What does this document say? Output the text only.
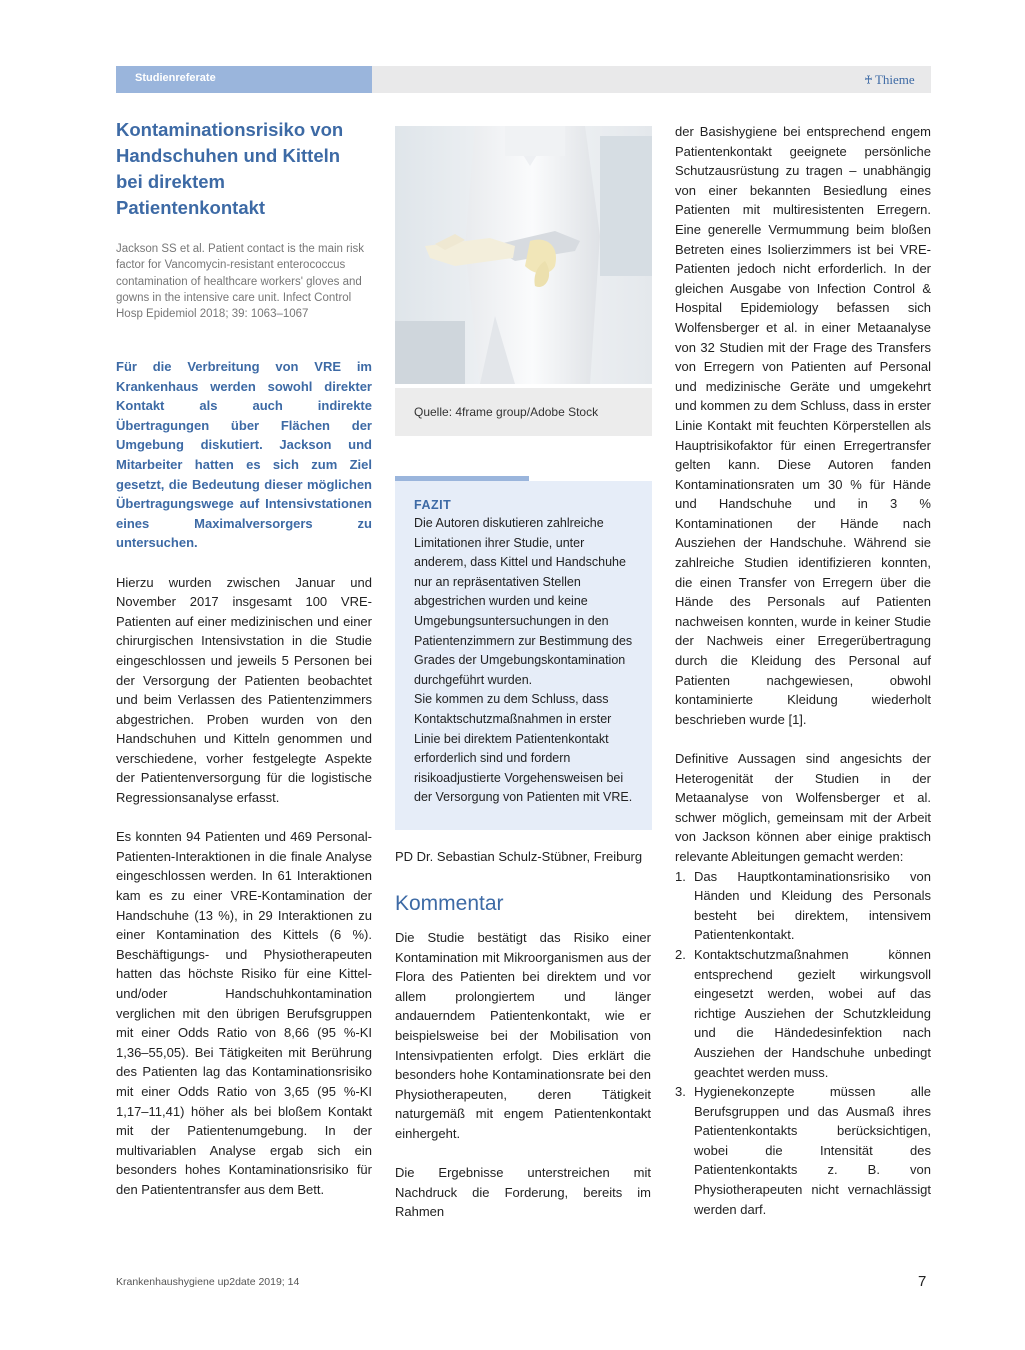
Studienreferate	♰ Thieme
Kontaminationsrisiko von Handschuhen und Kitteln bei direktem Patientenkontakt
Jackson SS et al. Patient contact is the main risk factor for Vancomycin-resistant enterococcus contamination of healthcare workers' gloves and gowns in the intensive care unit. Infect Control Hosp Epidemiol 2018; 39: 1063–1067

Für die Verbreitung von VRE im Krankenhaus werden sowohl direkter Kontakt als auch indirekte Übertragungen über Flächen der Umgebung diskutiert. Jackson und Mitarbeiter hatten es sich zum Ziel gesetzt, die Bedeutung dieser möglichen Übertragungswege auf Intensivstationen eines Maximalversorgers zu untersuchen.

Hierzu wurden zwischen Januar und November 2017 insgesamt 100 VRE-Patienten auf einer medizinischen und einer chirurgischen Intensivstation in die Studie eingeschlossen und jeweils 5 Personen bei der Versorgung der Patienten beobachtet und beim Verlassen des Patientenzimmers abgestrichen. Proben wurden von den Handschuhen und Kitteln genommen und verschiedene, vorher festgelegte Aspekte der Patientenversorgung für die logistische Regressionsanalyse erfasst.

Es konnten 94 Patienten und 469 Personal-Patienten-Interaktionen in die finale Analyse eingeschlossen werden. In 61 Interaktionen kam es zu einer VRE-Kontamination der Handschuhe (13 %), in 29 Interaktionen zu einer Kontamination des Kittels (6 %). Beschäftigungs- und Physiotherapeuten hatten das höchste Risiko für eine Kittel- und/oder Handschuhkontamination verglichen mit den übrigen Berufsgruppen mit einer Odds Ratio von 8,66 (95 %-KI 1,36–55,05). Bei Tätigkeiten mit Berührung des Patienten lag das Kontaminationsrisiko mit einer Odds Ratio von 3,65 (95 %-KI 1,17–11,41) höher als bei bloßem Kontakt mit der Patientenumgebung. In der multivariablen Analyse ergab sich ein besonders hohes Kontaminationsrisiko für den Patiententransfer aus dem Bett.

Quelle: 4frame group/Adobe Stock
FAZIT

Die Autoren diskutieren zahlreiche Limitationen ihrer Studie, unter anderem, dass Kittel und Handschuhe nur an repräsentativen Stellen abgestrichen wurden und keine Umgebungsuntersuchungen in den Patientenzimmern zur Bestimmung des Grades der Umgebungskontamination durchgeführt wurden.

Sie kommen zu dem Schluss, dass Kontaktschutzmaßnahmen in erster Linie bei direktem Patientenkontakt erforderlich sind und fordern risikoadjustierte Vorgehensweisen bei der Versorgung von Patienten mit VRE.

PD Dr. Sebastian Schulz-Stübner, Freiburg
Kommentar

Die Studie bestätigt das Risiko einer Kontamination mit Mikroorganismen aus der Flora des Patienten bei direktem und vor allem prolongiertem und länger andauerndem Patientenkontakt, wie er beispielsweise bei der Mobilisation von Intensivpatienten erfolgt. Dies erklärt die besonders hohe Kontaminationsrate bei den Physiotherapeuten, deren Tätigkeit naturgemäß mit engem Patientenkontakt einhergeht.

Die Ergebnisse unterstreichen mit Nachdruck die Forderung, bereits im Rahmen

der Basishygiene bei entsprechend engem Patientenkontakt geeignete persönliche Schutzausrüstung zu tragen – unabhängig von einer bekannten Besiedlung eines Patienten mit multiresistenten Erregern. Eine generelle Vermummung beim bloßen Betreten eines Isolierzimmers ist bei VRE-Patienten jedoch nicht erforderlich. In der gleichen Ausgabe von Infection Control & Hospital Epidemiology befassen sich Wolfensberger et al. in einer Metaanalyse von 32 Studien mit der Frage des Transfers von Erregern von Patienten auf Personal und medizinische Geräte und umgekehrt und kommen zu dem Schluss, dass in erster Linie Kontakt mit feuchten Körperstellen als Hauptrisikofaktor für einen Erregertransfer gelten kann. Diese Autoren fanden Kontaminationsraten um 30 % für Hände und Handschuhe und in 3 % Kontaminationen der Hände nach Ausziehen der Handschuhe. Während sie zahlreiche Studien identifizieren konnten, die einen Transfer von Erregern über die Hände des Personals auf Patienten nachweisen konnten, wurde in keiner Studie der Nachweis einer Erregerübertragung durch die Kleidung des Personal auf Patienten nachgewiesen, obwohl kontaminierte Kleidung wiederholt beschrieben wurde [1].

Definitive Aussagen sind angesichts der Heterogenität der Studien in der Metaanalyse von Wolfensberger et al. schwer möglich, gemeinsam mit der Arbeit von Jackson können aber einige praktisch relevante Ableitungen gemacht werden:

1. Das Hauptkontaminationsrisiko von Händen und Kleidung des Personals besteht bei direktem, intensivem Patientenkontakt.
2. Kontaktschutzmaßnahmen können entsprechend gezielt wirkungsvoll eingesetzt werden, wobei auf das richtige Ausziehen der Schutzkleidung und die Händedesinfektion nach Ausziehen der Handschuhe unbedingt geachtet werden muss.
3. Hygienekonzepte müssen alle Berufsgruppen und das Ausmaß ihres Patientenkontakts berücksichtigen, wobei die Intensität des Patientenkontakts z. B. von Physiotherapeuten nicht vernachlässigt werden darf.
Krankenhaushygiene up2date 2019; 14	7
